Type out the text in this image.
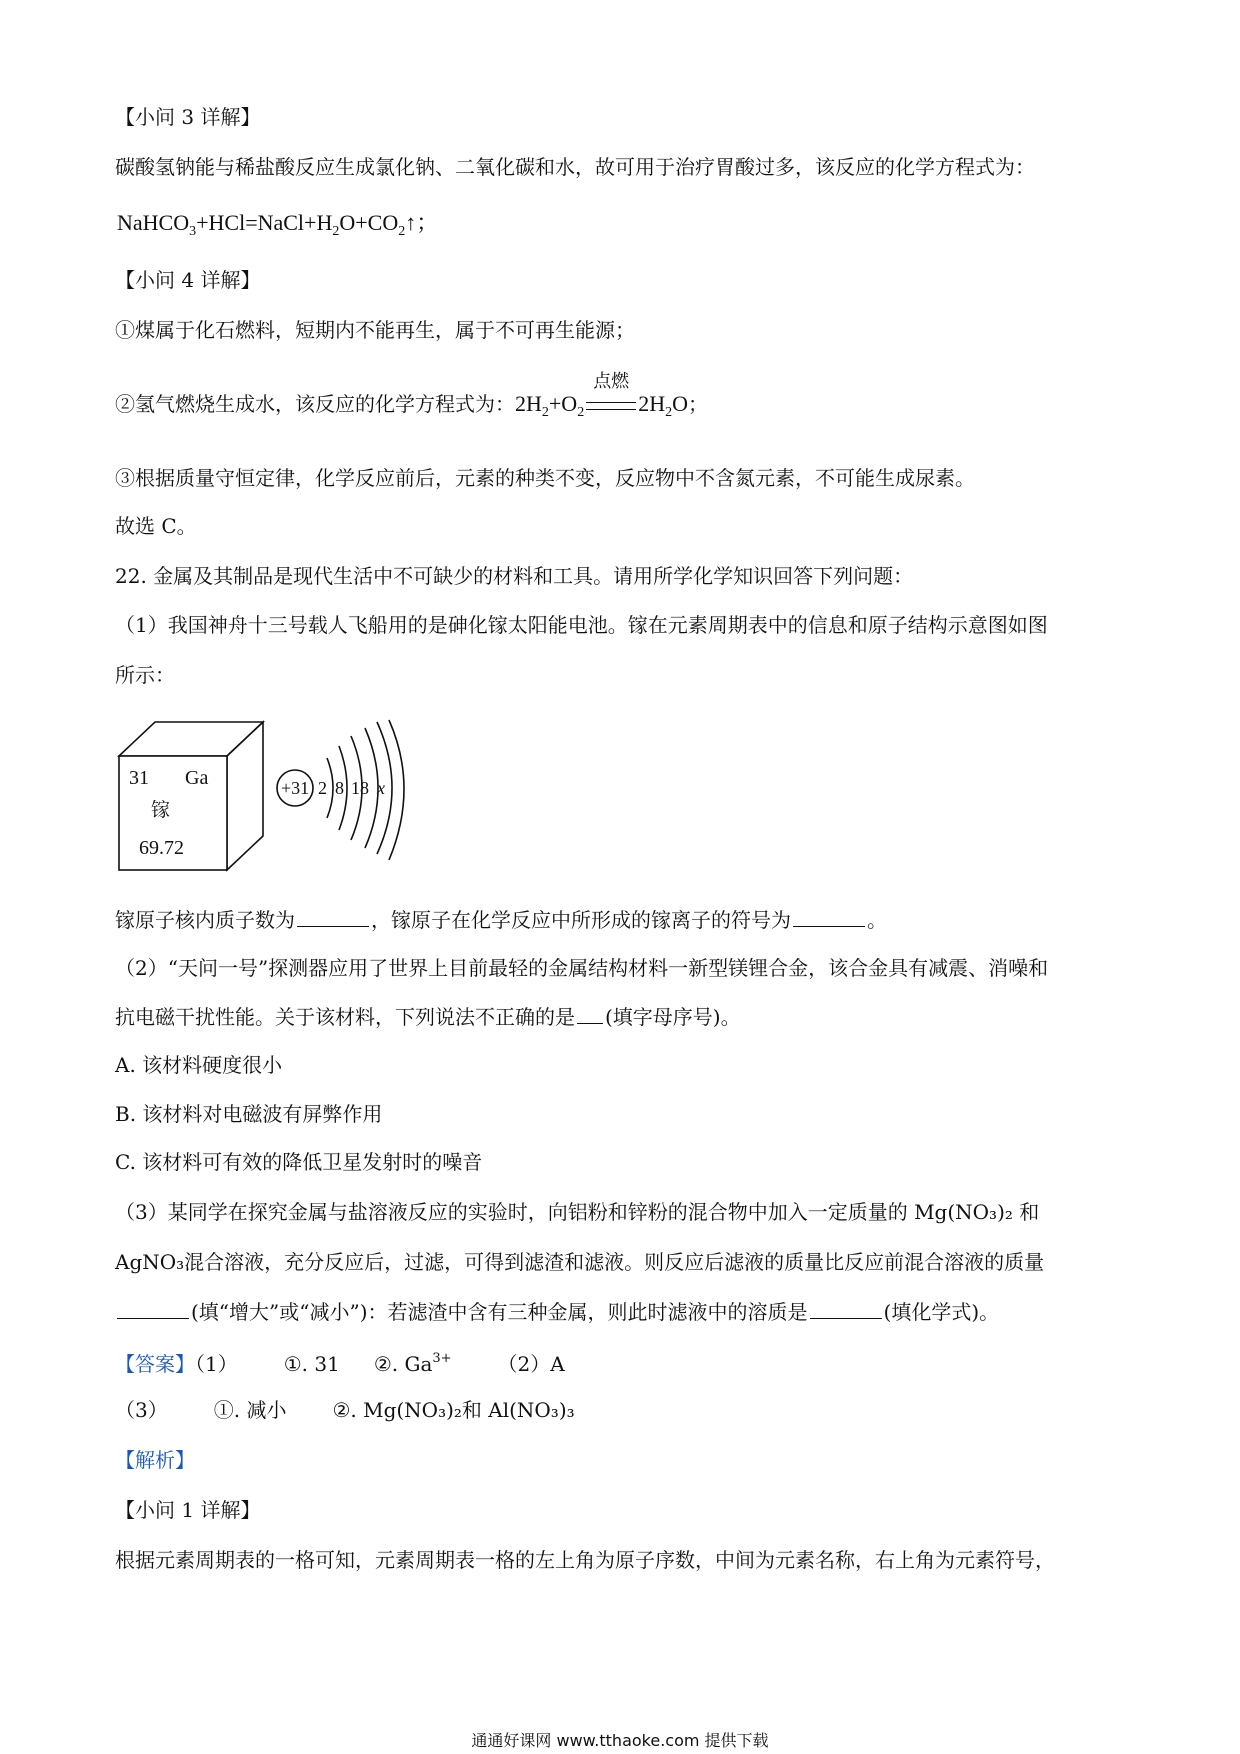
【小问 3 详解】
碳酸氢钠能与稀盐酸反应生成氯化钠、二氧化碳和水，故可用于治疗胃酸过多，该反应的化学方程式为：
$NaHCO_3+HCl=NaCl+H_2O+CO_2↑$；
【小问 4 详解】
①煤属于化石燃料，短期内不能再生，属于不可再生能源；
②氢气燃烧生成水，该反应的化学方程式为：$2H_2+O_2$
点燃
$2H_2O$；
③根据质量守恒定律，化学反应前后，元素的种类不变，反应物中不含氮元素，不可能生成尿素。
故选 C。
22. 金属及其制品是现代生活中不可缺少的材料和工具。请用所学化学知识回答下列问题：
（1）我国神舟十三号载人飞船用的是砷化镓太阳能电池。镓在元素周期表中的信息和原子结构示意图如图
所示：
31 Ga
镓
69.72
+31 2 8 18 x
镓原子核内质子数为	，镓原子在化学反应中所形成的镓离子的符号为	。
（2）“天问一号”探测器应用了世界上目前最轻的金属结构材料一新型镁锂合金，该合金具有减震、消噪和
抗电磁干扰性能。关于该材料，下列说法不正确的是 (填字母序号)。
A. 该材料硬度很小
B. 该材料对电磁波有屏弊作用
C. 该材料可有效的降低卫星发射时的噪音
（3）某同学在探究金属与盐溶液反应的实验时，向铝粉和锌粉的混合物中加入一定质量的 Mg(NO₃)₂ 和
AgNO₃混合溶液，充分反应后，过滤，可得到滤渣和滤液。则反应后滤液的质量比反应前混合溶液的质量
(填“增大”或“减小”)：若滤渣中含有三种金属，则此时滤液中的溶质是	(填化学式)。
【答案】（1） ①. 31 ②. $Ga^{3+}$ （2）A
（3） ①. 减小 ②. Mg(NO₃)₂和 Al(NO₃)₃
【解析】
【小问 1 详解】
根据元素周期表的一格可知，元素周期表一格的左上角为原子序数，中间为元素名称，右上角为元素符号，
通通好课网 www.tthaoke.com 提供下载
